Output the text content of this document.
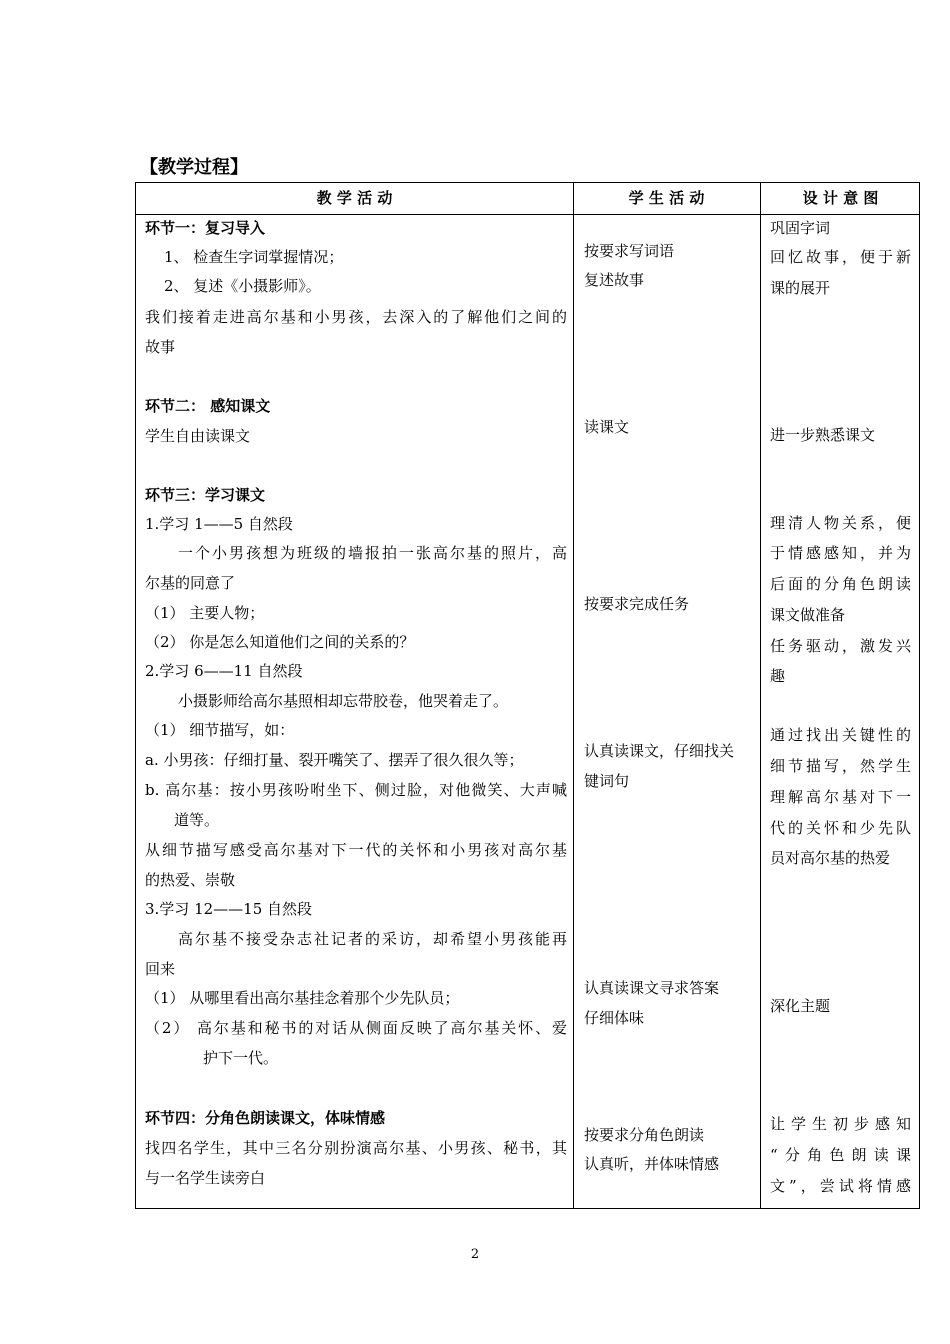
【教学过程】
教 学 活 动	学 生 活 动	设 计 意 图
环节一：复习导入
1、 检查生字词掌握情况；
2、 复述《小摄影师》。
我们接着走进高尔基和小男孩，去深入的了解他们之间的
故事
环节二： 感知课文
学生自由读课文
环节三：学习课文
1.学习 1——5 自然段
一个小男孩想为班级的墙报拍一张高尔基的照片，高
尔基的同意了
（1） 主要人物；
（2） 你是怎么知道他们之间的关系的？
2.学习 6——11 自然段
小摄影师给高尔基照相却忘带胶卷，他哭着走了。
（1） 细节描写，如：
a. 小男孩：仔细打量、裂开嘴笑了、摆弄了很久很久等；
b. 高尔基：按小男孩吩咐坐下、侧过脸，对他微笑、大声喊
道等。
从细节描写感受高尔基对下一代的关怀和小男孩对高尔基
的热爱、崇敬
3.学习 12——15 自然段
高尔基不接受杂志社记者的采访，却希望小男孩能再
回来
（1） 从哪里看出高尔基挂念着那个少先队员；
（2） 高尔基和秘书的对话从侧面反映了高尔基关怀、爱
护下一代。
环节四：分角色朗读课文，体味情感
找四名学生，其中三名分别扮演高尔基、小男孩、秘书，其
与一名学生读旁白
按要求写词语
复述故事
读课文
按要求完成任务
认真读课文，仔细找关
键词句
认真读课文寻求答案
仔细体味
按要求分角色朗读
认真听，并体味情感
巩固字词
回忆故事，便于新
课的展开
进一步熟悉课文
理清人物关系，便
于情感感知，并为
后面的分角色朗读
课文做准备
任务驱动，激发兴
趣
通过找出关键性的
细节描写，然学生
理解高尔基对下一
代的关怀和少先队
员对高尔基的热爱
深化主题
让学生初步感知
“分角色朗读课
文”，尝试将情感
2
